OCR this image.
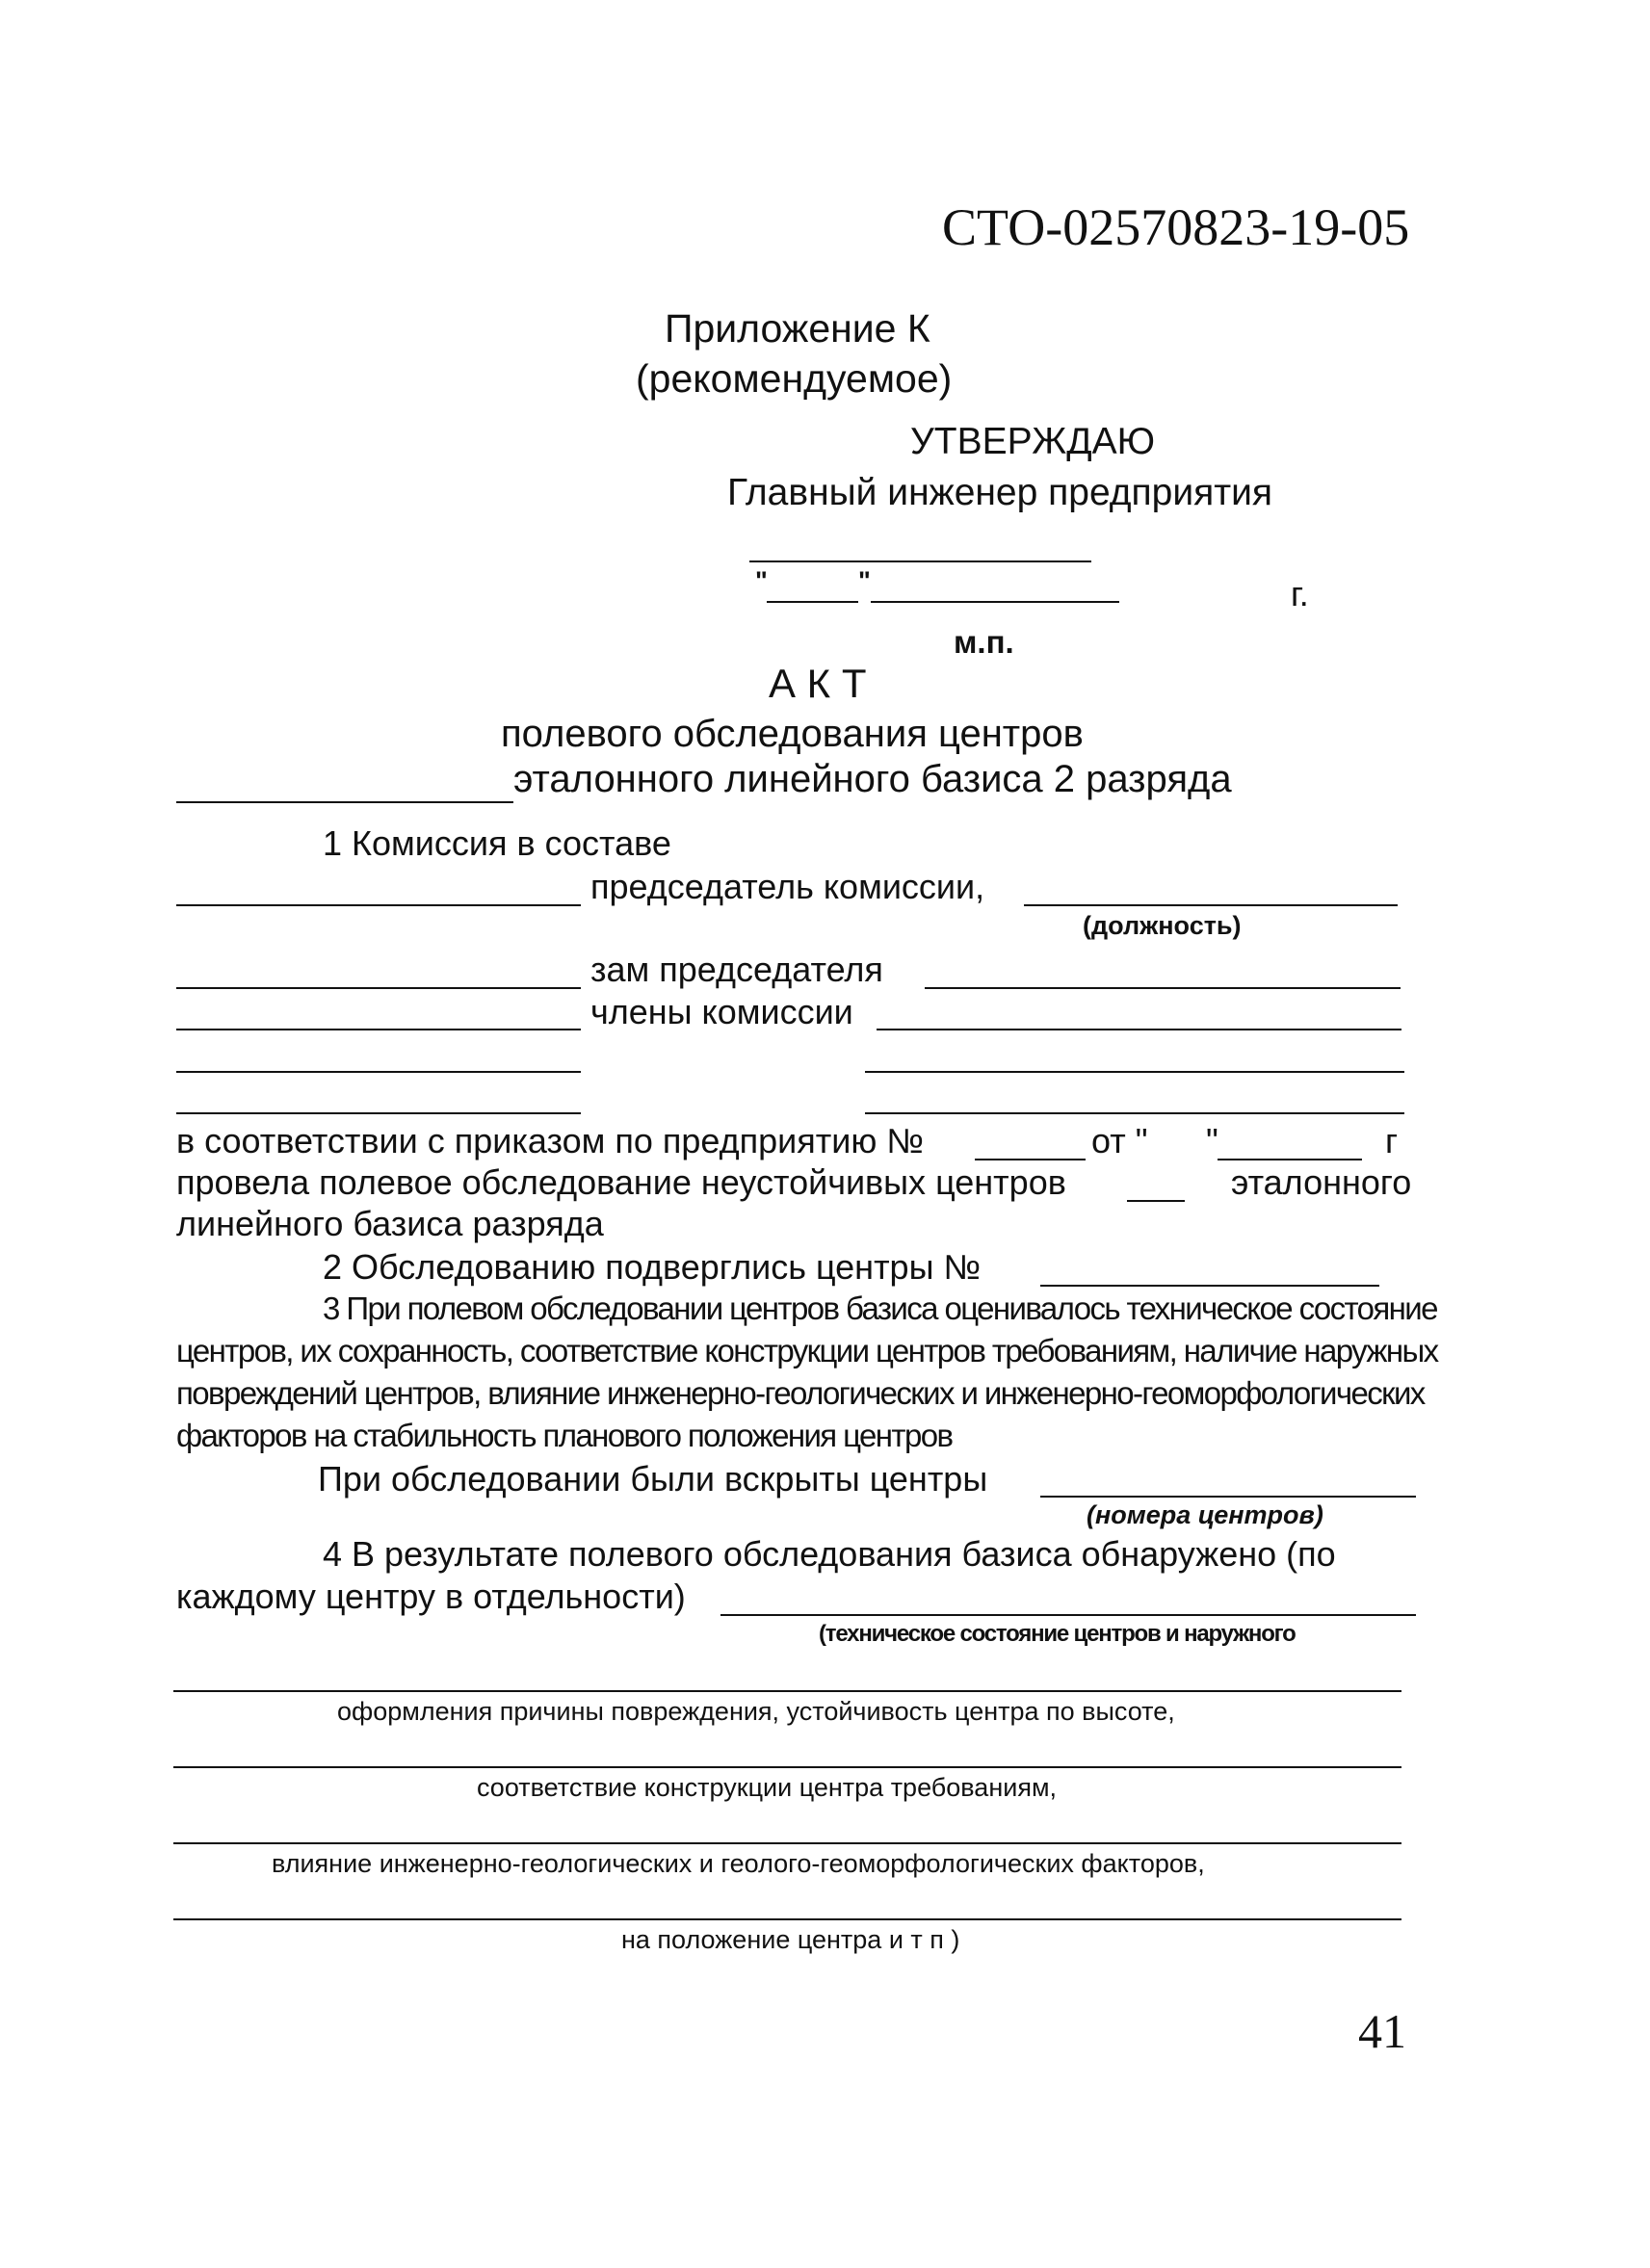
СТО-02570823-19-05
Приложение К
(рекомендуемое)
УТВЕРЖДАЮ
Главный инженер предприятия
"	"	г.
м.п.
А К Т
полевого обследования центров
эталонного линейного базиса 2 разряда
1 Комиссия в составе
председатель комиссии,
(должность)
зам председателя
члены комиссии
в соответствии с приказом по предприятию №	от " "	г
провела полевое обследование неустойчивых центров	эталонного
линейного базиса разряда
2 Обследованию подверглись центры №
3 При полевом обследовании центров базиса оценивалось техническое состояние
центров, их сохранность, соответствие конструкции центров требованиям, наличие наружных
повреждений центров, влияние инженерно-геологических и инженерно-геоморфологических
факторов на стабильность планового положения центров
При обследовании были вскрыты центры
(номера центров)
4 В результате полевого обследования базиса обнаружено (по
каждому центру в отдельности)
(техническое состояние центров и наружного
оформления причины повреждения, устойчивость центра по высоте,
соответствие конструкции центра требованиям,
влияние инженерно-геологических и геолого-геоморфологических факторов,
на положение центра и т п )
41
